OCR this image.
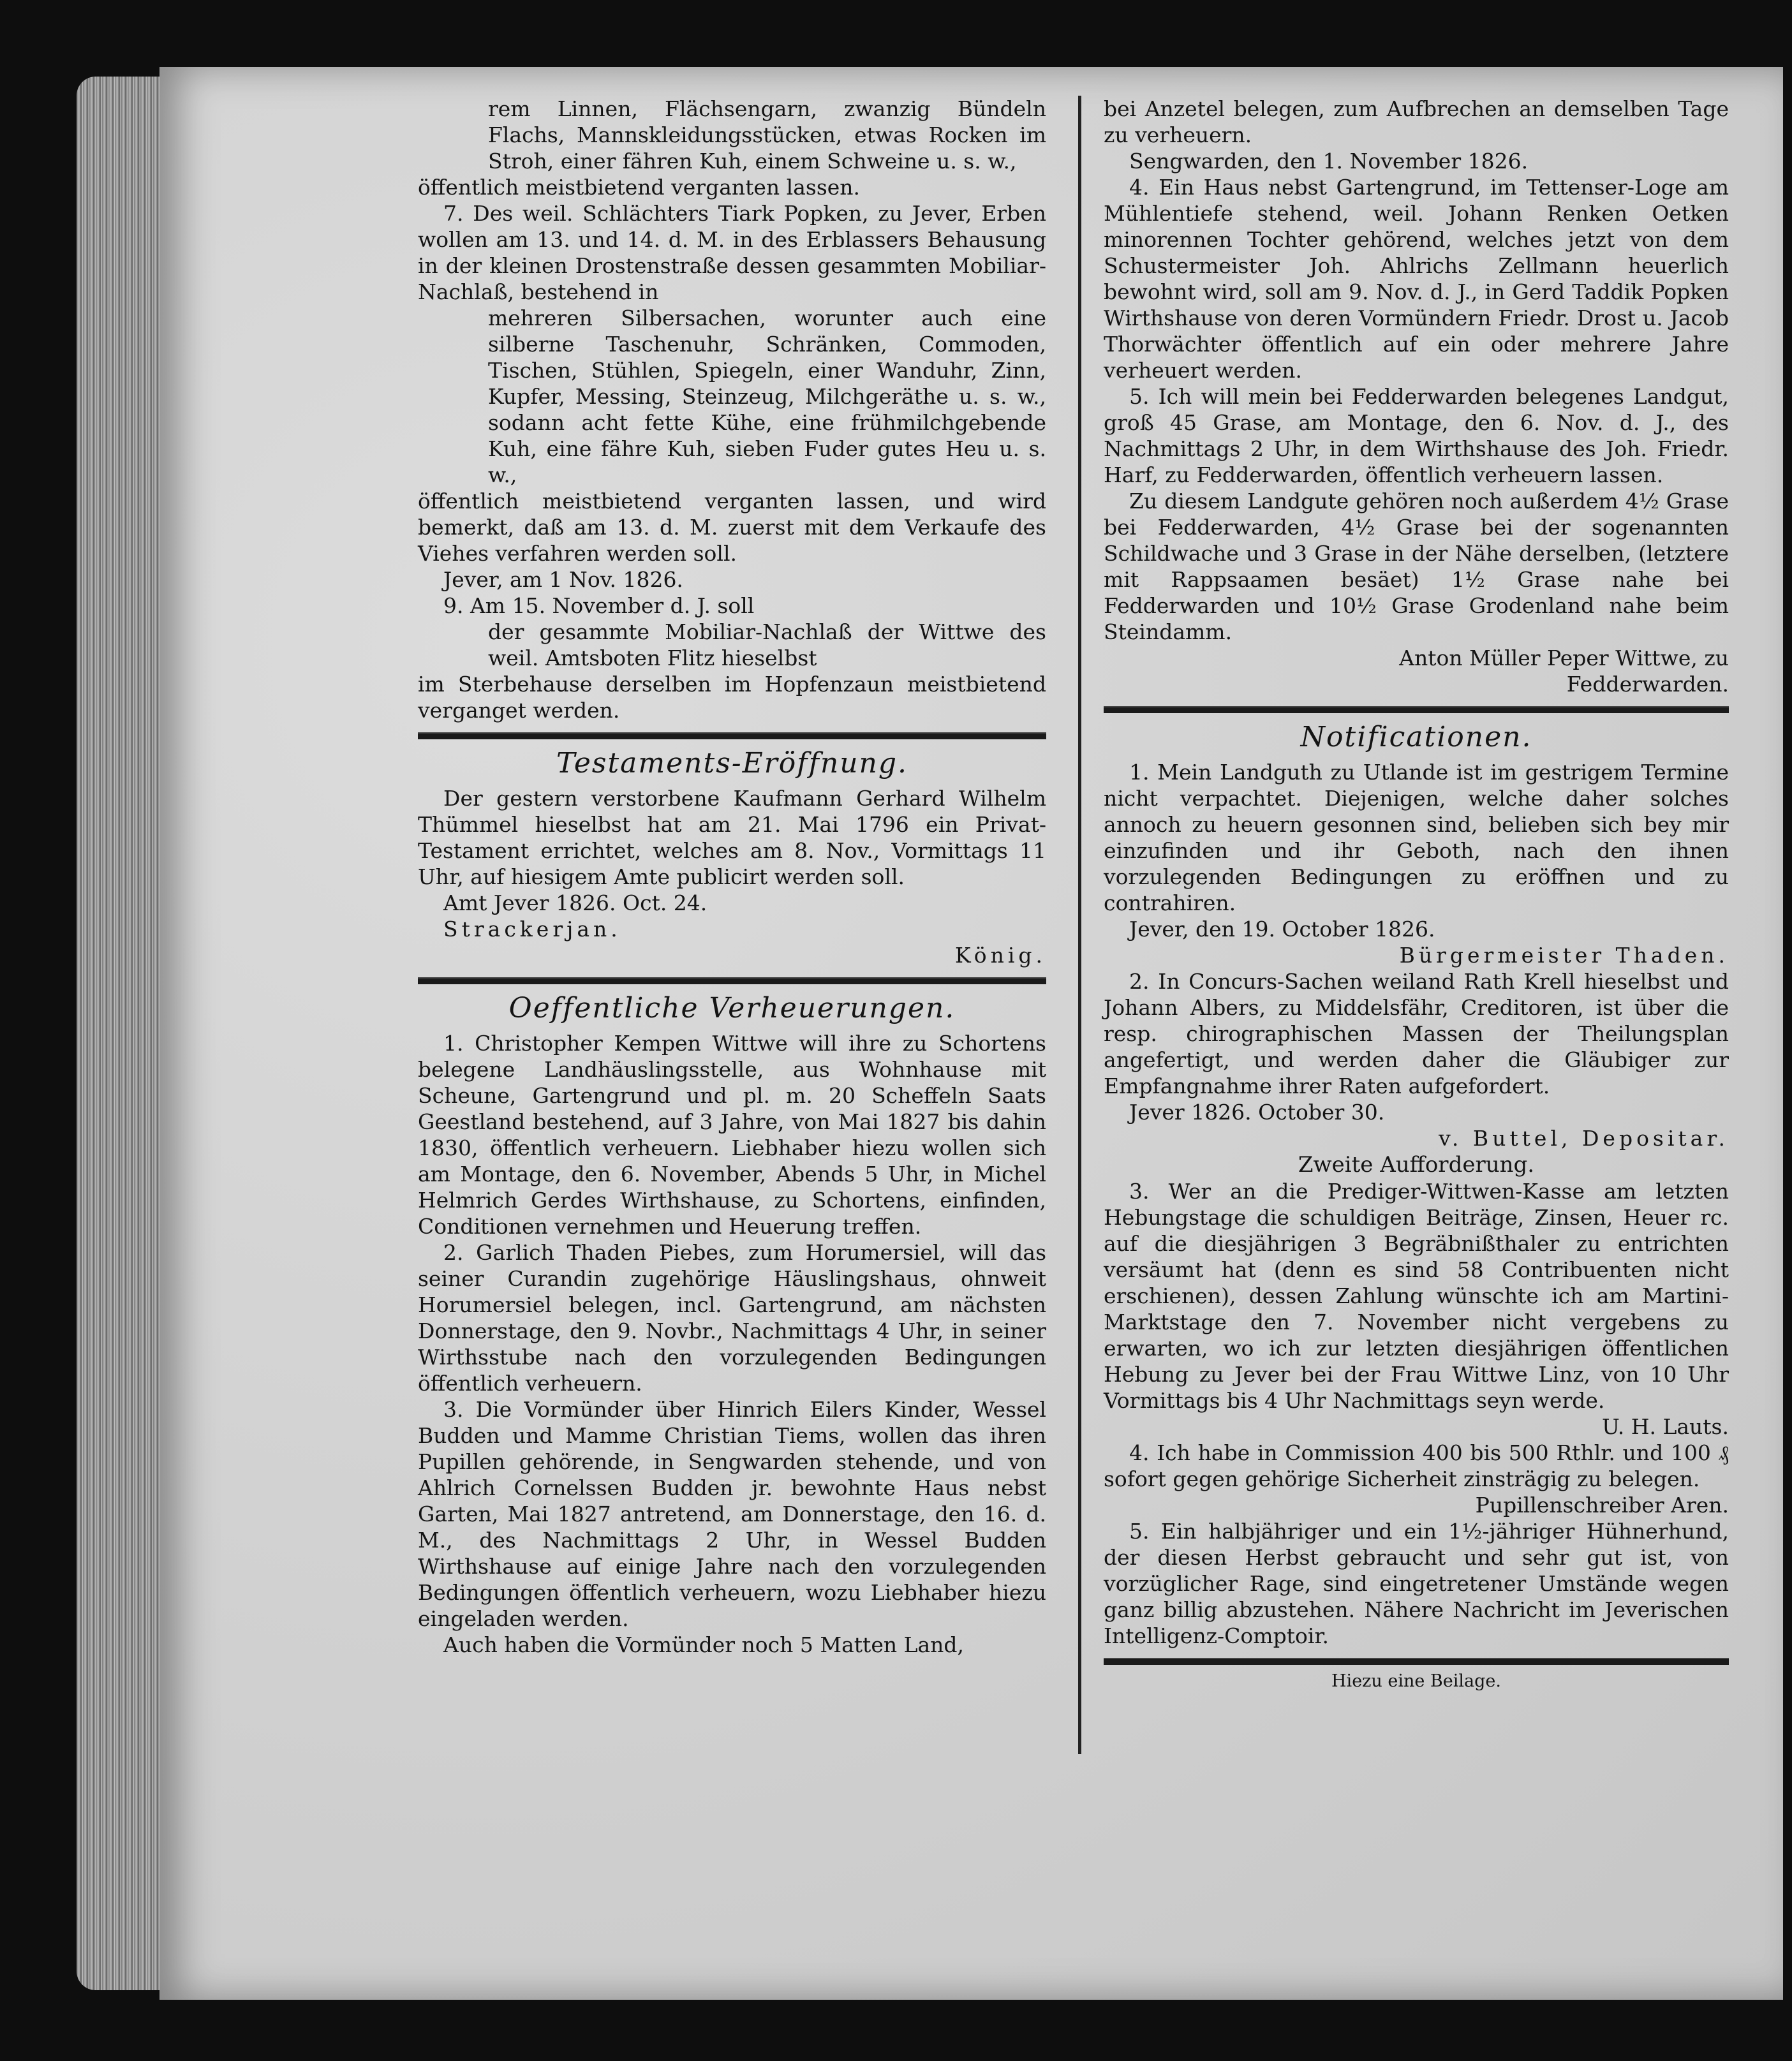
rem Linnen, Flächsengarn, zwanzig Bündeln Flachs, Mannskleidungsstücken, etwas Rocken im Stroh, einer fähren Kuh, einem Schweine u. s. w.,

öffentlich meistbietend verganten lassen.

7. Des weil. Schlächters Tiark Popken, zu Jever, Erben wollen am 13. und 14. d. M. in des Erblassers Behausung in der kleinen Drostenstraße dessen gesammten Mobiliar-Nachlaß, bestehend in

mehreren Silbersachen, worunter auch eine silberne Taschenuhr, Schränken, Commoden, Tischen, Stühlen, Spiegeln, einer Wanduhr, Zinn, Kupfer, Messing, Steinzeug, Milchgeräthe u. s. w., sodann acht fette Kühe, eine frühmilchgebende Kuh, eine fähre Kuh, sieben Fuder gutes Heu u. s. w.,

öffentlich meistbietend verganten lassen, und wird bemerkt, daß am 13. d. M. zuerst mit dem Verkaufe des Viehes verfahren werden soll.

Jever, am 1 Nov. 1826.

9. Am 15. November d. J. soll

der gesammte Mobiliar-Nachlaß der Wittwe des weil. Amtsboten Flitz hieselbst

im Sterbehause derselben im Hopfenzaun meistbietend verganget werden.

Testaments-Eröffnung.

Der gestern verstorbene Kaufmann Gerhard Wilhelm Thümmel hieselbst hat am 21. Mai 1796 ein Privat-Testament errichtet, welches am 8. Nov., Vormittags 11 Uhr, auf hiesigem Amte publicirt werden soll.

Amt Jever 1826. Oct. 24.

Strackerjan.

König.

Oeffentliche Verheuerungen.

1. Christopher Kempen Wittwe will ihre zu Schortens belegene Landhäuslingsstelle, aus Wohnhause mit Scheune, Gartengrund und pl. m. 20 Scheffeln Saats Geestland bestehend, auf 3 Jahre, von Mai 1827 bis dahin 1830, öffentlich verheuern. Liebhaber hiezu wollen sich am Montage, den 6. November, Abends 5 Uhr, in Michel Helmrich Gerdes Wirthshause, zu Schortens, einfinden, Conditionen vernehmen und Heuerung treffen.

2. Garlich Thaden Piebes, zum Horumersiel, will das seiner Curandin zugehörige Häuslingshaus, ohnweit Horumersiel belegen, incl. Gartengrund, am nächsten Donnerstage, den 9. Novbr., Nachmittags 4 Uhr, in seiner Wirthsstube nach den vorzulegenden Bedingungen öffentlich verheuern.

3. Die Vormünder über Hinrich Eilers Kinder, Wessel Budden und Mamme Christian Tiems, wollen das ihren Pupillen gehörende, in Sengwarden stehende, und von Ahlrich Cornelssen Budden jr. bewohnte Haus nebst Garten, Mai 1827 antretend, am Donnerstage, den 16. d. M., des Nachmittags 2 Uhr, in Wessel Budden Wirthshause auf einige Jahre nach den vorzulegenden Bedingungen öffentlich verheuern, wozu Liebhaber hiezu eingeladen werden.

Auch haben die Vormünder noch 5 Matten Land,

bei Anzetel belegen, zum Aufbrechen an demselben Tage zu verheuern.

Sengwarden, den 1. November 1826.

4. Ein Haus nebst Gartengrund, im Tettenser-Loge am Mühlentiefe stehend, weil. Johann Renken Oetken minorennen Tochter gehörend, welches jetzt von dem Schustermeister Joh. Ahlrichs Zellmann heuerlich bewohnt wird, soll am 9. Nov. d. J., in Gerd Taddik Popken Wirthshause von deren Vormündern Friedr. Drost u. Jacob Thorwächter öffentlich auf ein oder mehrere Jahre verheuert werden.

5. Ich will mein bei Fedderwarden belegenes Landgut, groß 45 Grase, am Montage, den 6. Nov. d. J., des Nachmittags 2 Uhr, in dem Wirthshause des Joh. Friedr. Harf, zu Fedderwarden, öffentlich verheuern lassen.

Zu diesem Landgute gehören noch außerdem 4½ Grase bei Fedderwarden, 4½ Grase bei der sogenannten Schildwache und 3 Grase in der Nähe derselben, (letztere mit Rappsaamen besäet) 1½ Grase nahe bei Fedderwarden und 10½ Grase Grodenland nahe beim Steindamm.

Anton Müller Peper Wittwe, zu

Fedderwarden.

Notificationen.

1. Mein Landguth zu Utlande ist im gestrigem Termine nicht verpachtet. Diejenigen, welche daher solches annoch zu heuern gesonnen sind, belieben sich bey mir einzufinden und ihr Geboth, nach den ihnen vorzulegenden Bedingungen zu eröffnen und zu contrahiren.

Jever, den 19. October 1826.

Bürgermeister Thaden.

2. In Concurs-Sachen weiland Rath Krell hieselbst und Johann Albers, zu Middelsfähr, Creditoren, ist über die resp. chirographischen Massen der Theilungsplan angefertigt, und werden daher die Gläubiger zur Empfangnahme ihrer Raten aufgefordert.

Jever 1826. October 30.

v. Buttel, Depositar.

Zweite Aufforderung.

3. Wer an die Prediger-Wittwen-Kasse am letzten Hebungstage die schuldigen Beiträge, Zinsen, Heuer rc. auf die diesjährigen 3 Begräbnißthaler zu entrichten versäumt hat (denn es sind 58 Contribuenten nicht erschienen), dessen Zahlung wünschte ich am Martini-Marktstage den 7. November nicht vergebens zu erwarten, wo ich zur letzten diesjährigen öffentlichen Hebung zu Jever bei der Frau Wittwe Linz, von 10 Uhr Vormittags bis 4 Uhr Nachmittags seyn werde.

U. H. Lauts.

4. Ich habe in Commission 400 bis 500 Rthlr. und 100 ₰ sofort gegen gehörige Sicherheit zinsträgig zu belegen.

Pupillenschreiber Aren.

5. Ein halbjähriger und ein 1½-jähriger Hühnerhund, der diesen Herbst gebraucht und sehr gut ist, von vorzüglicher Rage, sind eingetretener Umstände wegen ganz billig abzustehen. Nähere Nachricht im Jeverischen Intelligenz-Comptoir.

Hiezu eine Beilage.
